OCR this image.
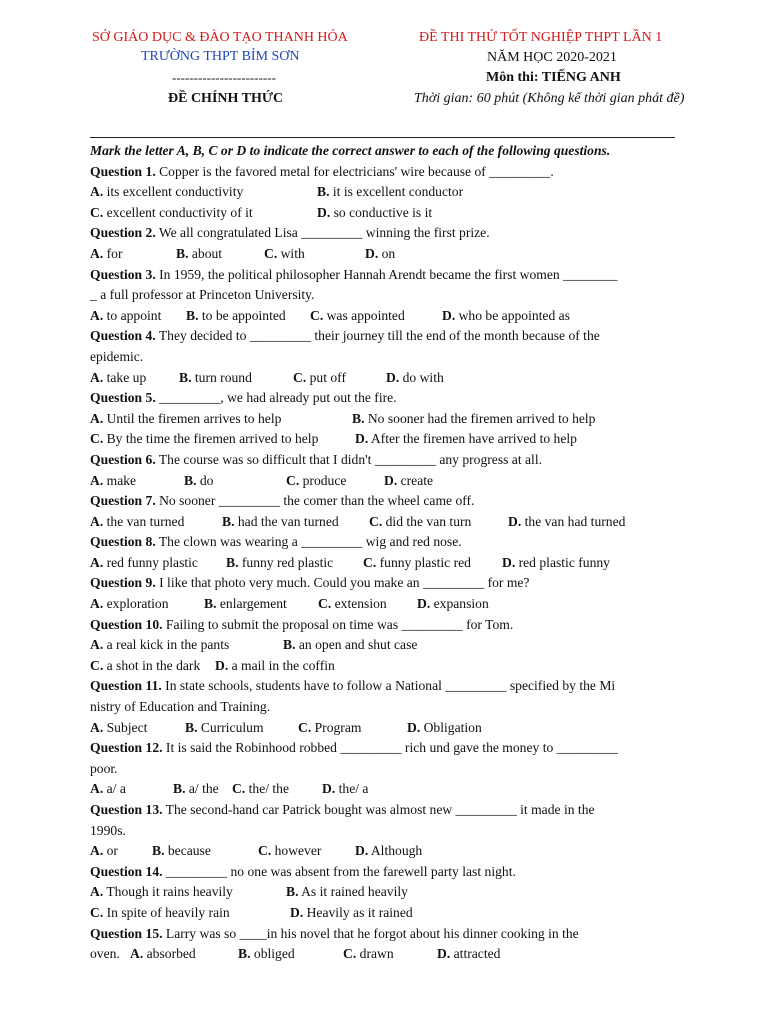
SỞ GIÁO DỤC & ĐÀO TẠO THANH HÓA
TRƯỜNG THPT BỈM SƠN
------------------------
ĐỀ CHÍNH THỨC
ĐỀ THI THỬ TỐT NGHIỆP THPT LẦN 1
NĂM HỌC 2020-2021
Môn thi: TIẾNG ANH
Thời gian: 60 phút (Không kể thời gian phát đề)
Mark the letter A, B, C or D to indicate the correct answer to each of the following questions.
Question 1. Copper is the favored metal for electricians' wire because of _________.
A. its excellent conductivity	B. it is excellent conductor
C. excellent conductivity of it	D. so conductive is it
Question 2. We all congratulated Lisa _________ winning the first prize.
A. for	B. about	C. with	D. on
Question 3. In 1959, the political philosopher Hannah Arendt became the first women ________
_ a full professor at Princeton University.
A. to appoint	B. to be appointed	C. was appointed	D. who be appointed as
Question 4. They decided to _________ their journey till the end of the month because of the
epidemic.
A. take up	B. turn round	C. put off	D. do with
Question 5. _________, we had already put out the fire.
A. Until the firemen arrives to help	B. No sooner had the firemen arrived to help
C. By the time the firemen arrived to help	D. After the firemen have arrived to help
Question 6. The course was so difficult that I didn't _________ any progress at all.
A. make	B. do	C. produce	D. create
Question 7. No sooner _________ the comer than the wheel came off.
A. the van turned	B. had the van turned	C. did the van turn	D. the van had turned
Question 8. The clown was wearing a _________ wig and red nose.
A. red funny plastic	B. funny red plastic	C. funny plastic red	D. red plastic funny
Question 9. I like that photo very much. Could you make an _________ for me?
A. exploration	B. enlargement	C. extension	D. expansion
Question 10. Failing to submit the proposal on time was _________ for Tom.
A. a real kick in the pants	B. an open and shut case
C. a shot in the dark	D. a mail in the coffin
Question 11. In state schools, students have to follow a National _________ specified by the Mi
nistry of Education and Training.
A. Subject	B. Curriculum	C. Program	D. Obligation
Question 12. It is said the Robinhood robbed _________ rich und gave the money to _________
poor.
A. a/ a	B. a/ the C. the/ the	D. the/ a
Question 13. The second-hand car Patrick bought was almost new _________ it made in the
1990s.
A. or	B. because	C. however	D. Although
Question 14. _________ no one was absent from the farewell party last night.
A. Though it rains heavily	B. As it rained heavily
C. In spite of heavily rain	D. Heavily as it rained
Question 15. Larry was so ____in his novel that he forgot about his dinner cooking in the
oven. A. absorbed	B. obliged	C. drawn	D. attracted
